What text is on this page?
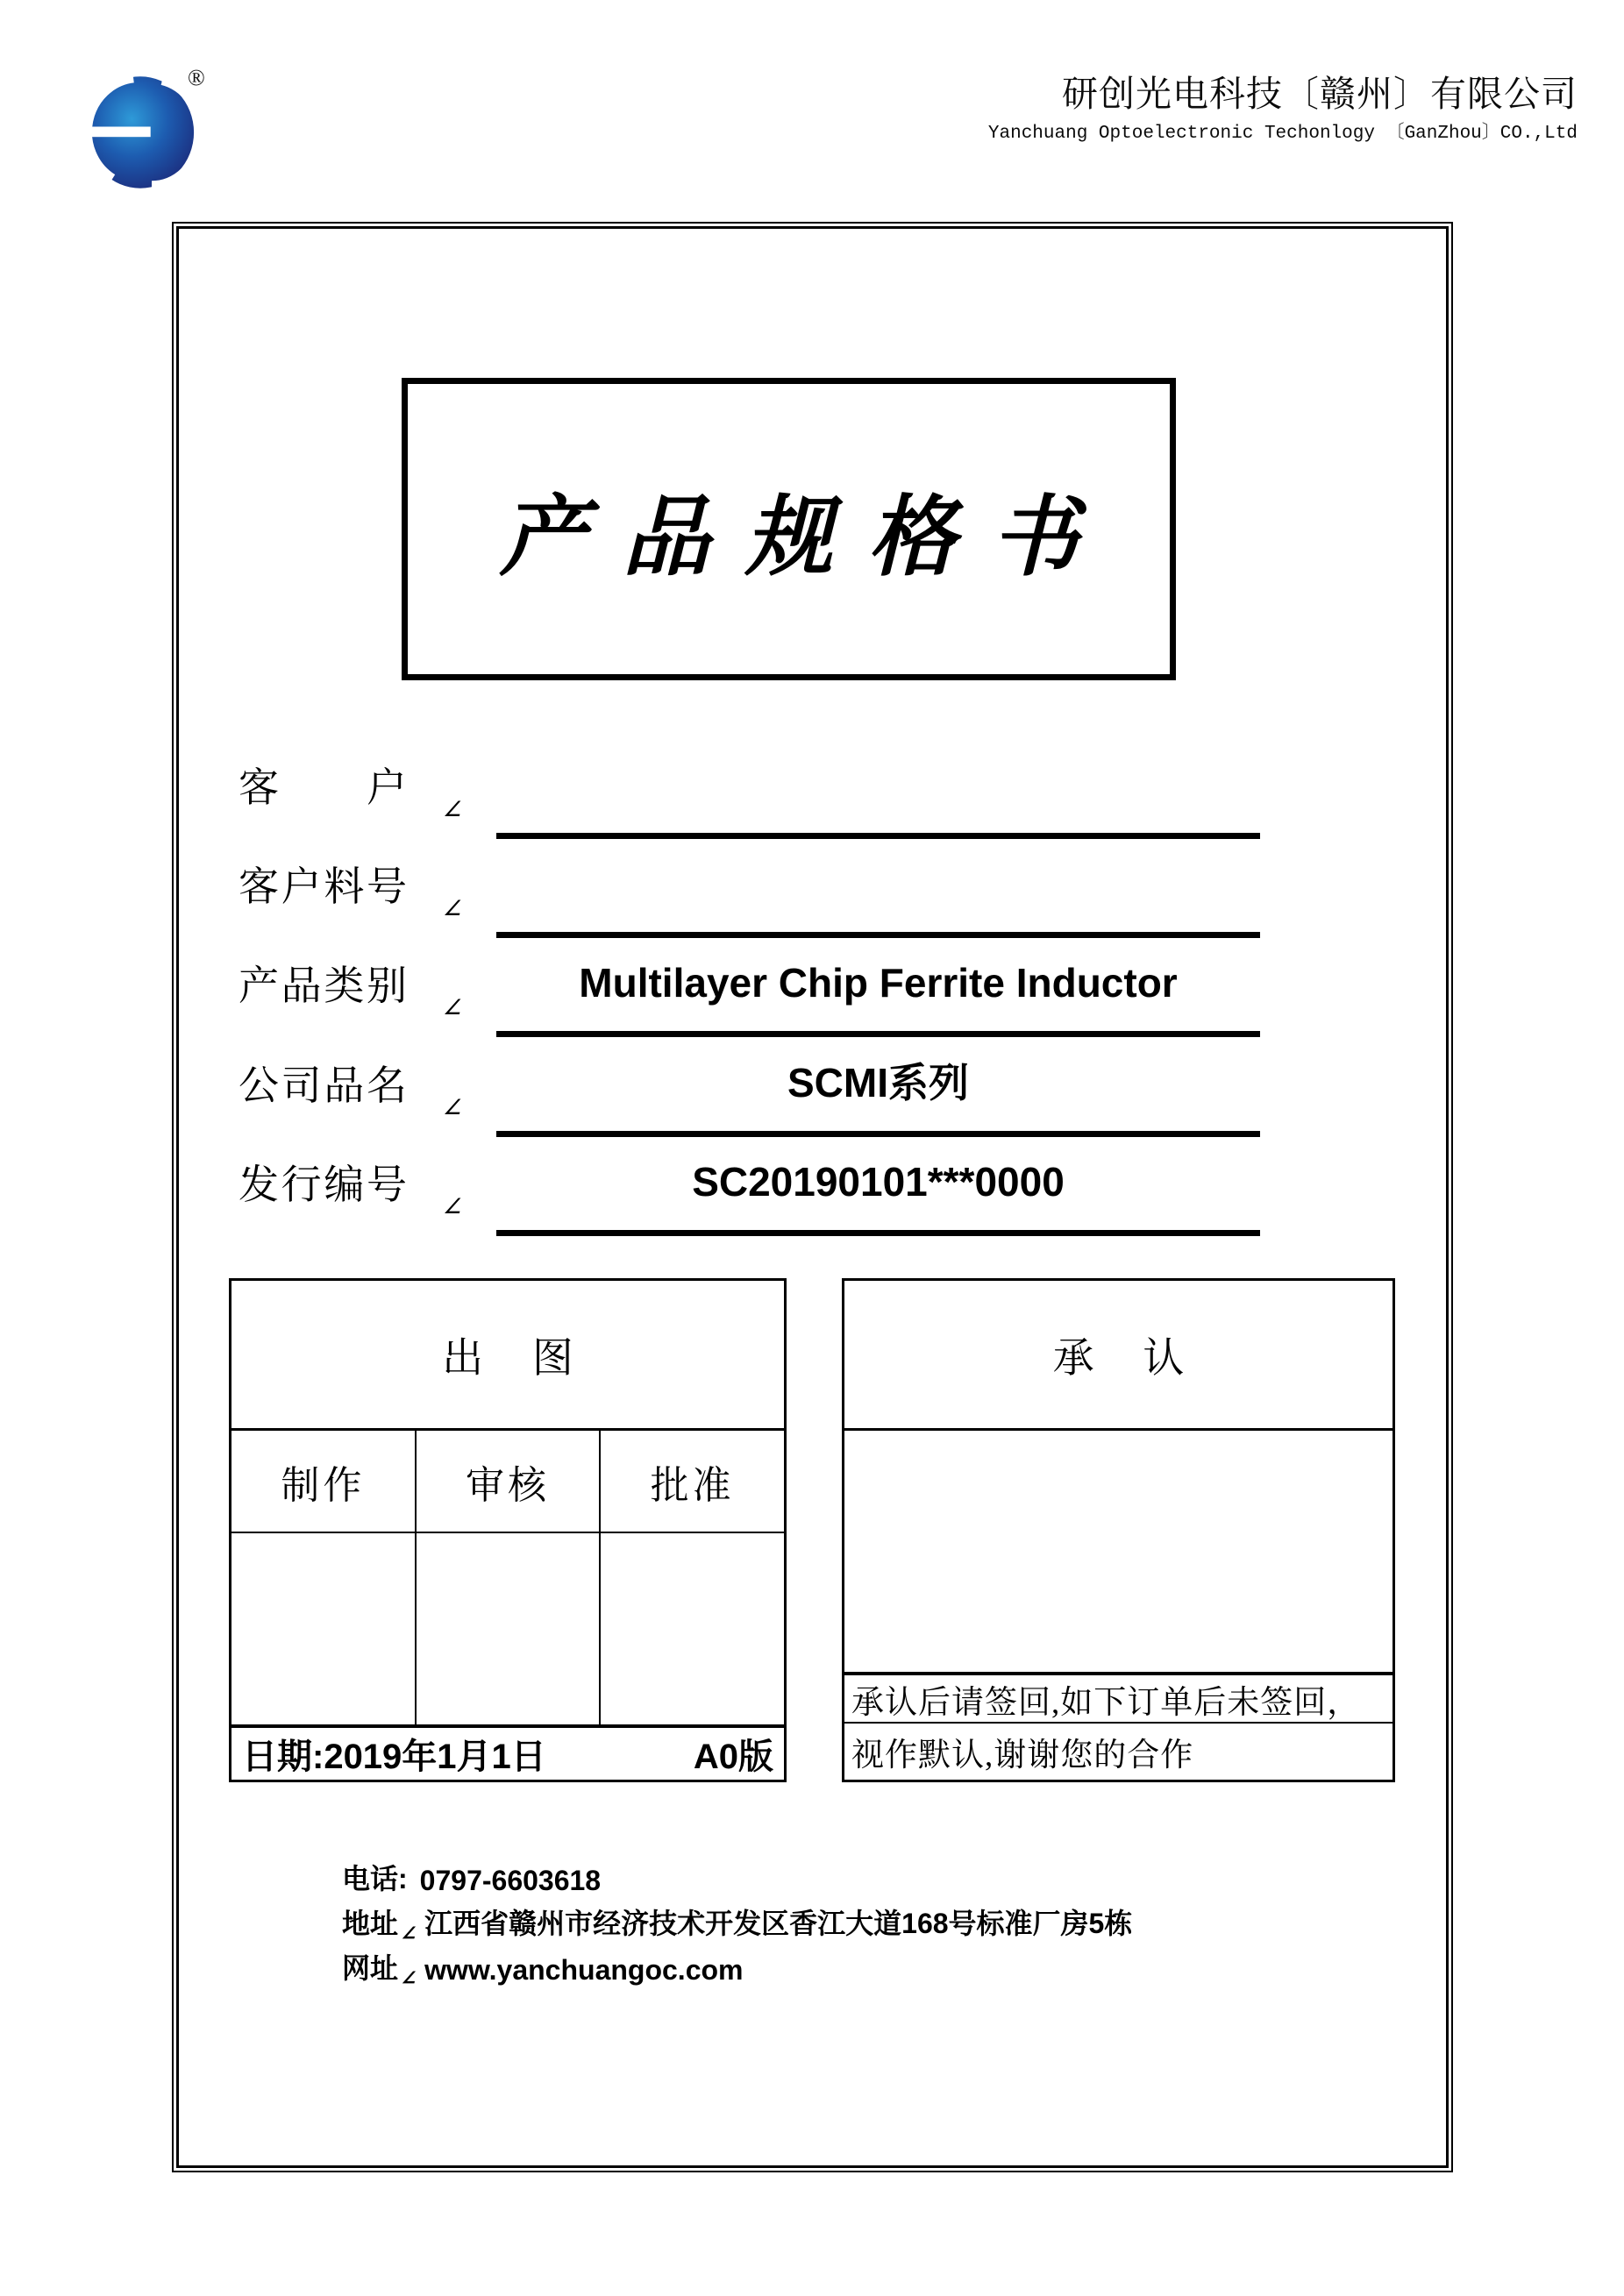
®	研创光电科技〔赣州〕有限公司
Yanchuang Optoelectronic Techonlogy 〔GanZhou〕CO.,Ltd
产品规格书
客 户 ∠
客户料号 ∠
产品类别 ∠
Multilayer Chip Ferrite Inductor
公司品名 ∠
SCMI系列
发行编号 ∠
SC20190101***0000
出 图
制作	审核	批准
日期:2019年1月1日	A0版
承 认
承认后请签回,如下订单后未签回，
视作默认,谢谢您的合作
电话: 0797-6603618
地址 ∠ 江西省赣州市经济技术开发区香江大道168号标准厂房5栋
网址 ∠ www.yanchuangoc.com
